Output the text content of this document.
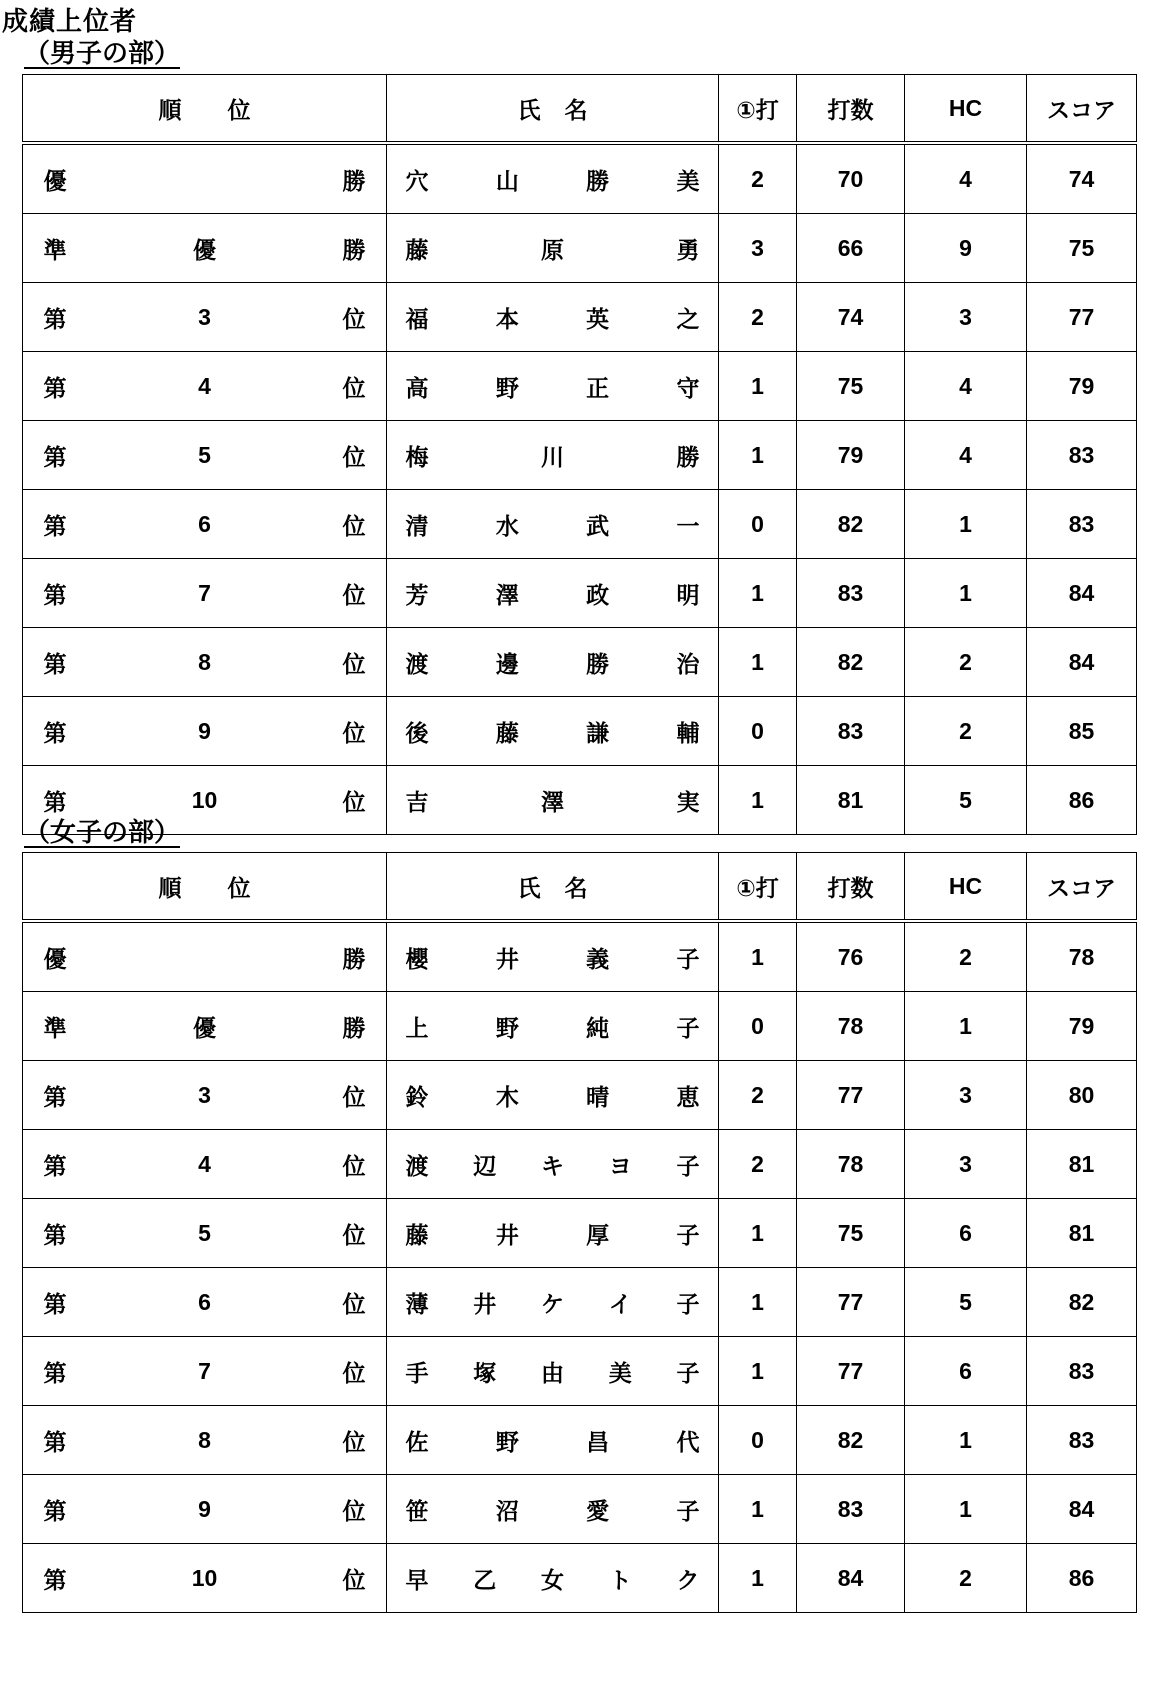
成績上位者
（男子の部）
順 位	氏 名	①打	打数	HC	スコア

優 勝	穴 山 勝 美	2	70	4	74

準 優 勝	藤 原 勇	3	66	9	75

第 3 位	福 本 英 之	2	74	3	77

第 4 位	高 野 正 守	1	75	4	79

第 5 位	梅 川 勝	1	79	4	83

第 6 位	清 水 武 一	0	82	1	83

第 7 位	芳 澤 政 明	1	83	1	84

第 8 位	渡 邊 勝 治	1	82	2	84

第 9 位	後 藤 謙 輔	0	83	2	85

第 10 位	吉 澤 実	1	81	5	86
（女子の部）
順 位	氏 名	①打	打数	HC	スコア

優 勝	櫻 井 義 子	1	76	2	78

準 優 勝	上 野 純 子	0	78	1	79

第 3 位	鈴 木 晴 恵	2	77	3	80

第 4 位	渡 辺 キ ヨ 子	2	78	3	81

第 5 位	藤 井 厚 子	1	75	6	81

第 6 位	薄 井 ケ イ 子	1	77	5	82

第 7 位	手 塚 由 美 子	1	77	6	83

第 8 位	佐 野 昌 代	0	82	1	83

第 9 位	笹 沼 愛 子	1	83	1	84

第 10 位	早 乙 女 ト ク	1	84	2	86
